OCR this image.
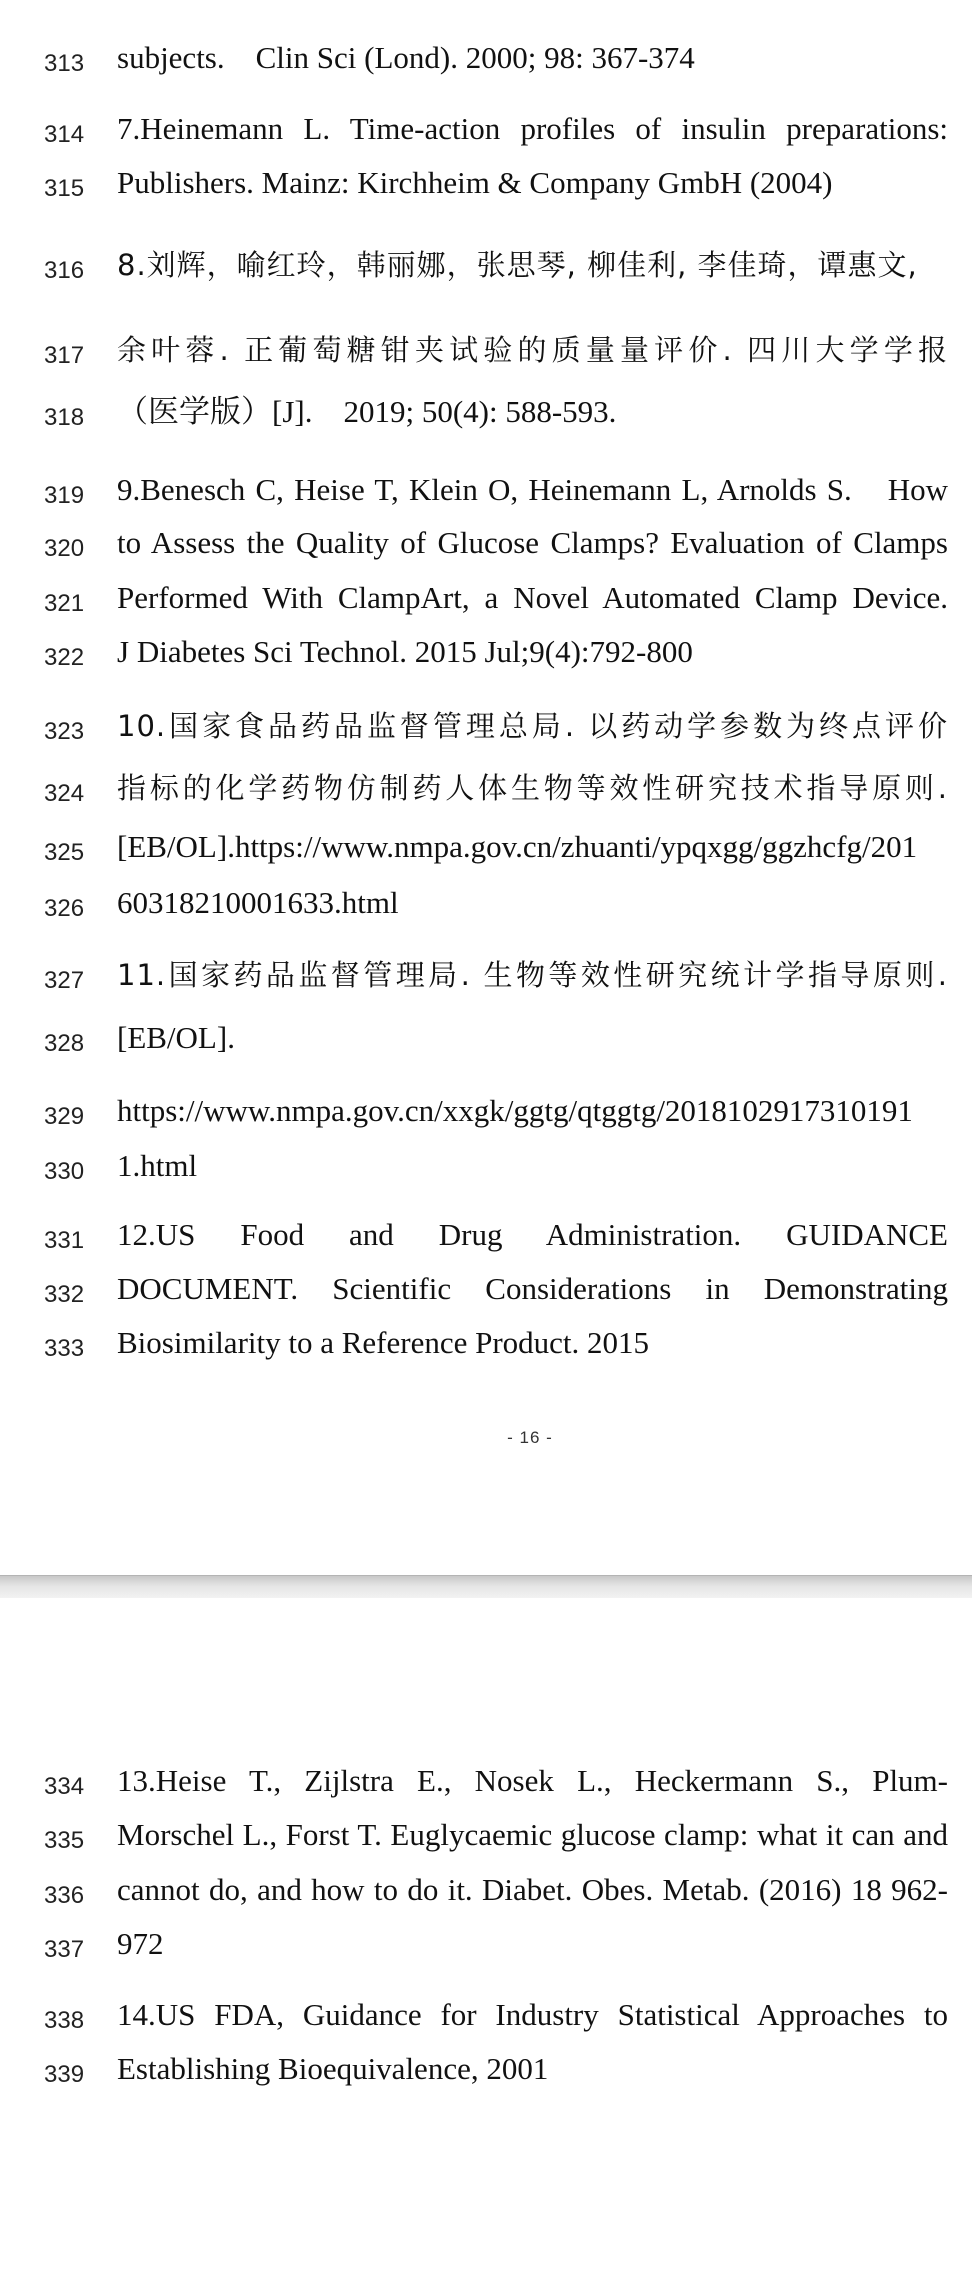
313 subjects.　Clin Sci (Lond). 2000; 98: 367-374
314 7.Heinemann L. Time-action profiles of insulin preparations:
315 Publishers. Mainz: Kirchheim & Company GmbH (2004)
316 8.刘辉，喻红玲，韩丽娜，张思琴, 柳佳利, 李佳琦，谭惠文,
317 余叶蓉. 正葡萄糖钳夹试验的质量量评价. 四川大学学报
318 （医学版）[J].　2019; 50(4): 588-593.
319 9.Benesch C, Heise T, Klein O, Heinemann L, Arnolds S.　How
320 to Assess the Quality of Glucose Clamps? Evaluation of Clamps
321 Performed With ClampArt, a Novel Automated Clamp Device.
322 J Diabetes Sci Technol. 2015 Jul;9(4):792-800
323 10.国家食品药品监督管理总局. 以药动学参数为终点评价
324 指标的化学药物仿制药人体生物等效性研究技术指导原则.
325 [EB/OL].https://www.nmpa.gov.cn/zhuanti/ypqxgg/ggzhcfg/201
326 60318210001633.html
327 11.国家药品监督管理局. 生物等效性研究统计学指导原则.
328 [EB/OL].
329 https://www.nmpa.gov.cn/xxgk/ggtg/qtggtg/201810291731019​1
330 1.html
331 12.US Food and Drug Administration. GUIDANCE
332 DOCUMENT. Scientific Considerations in Demonstrating
333 Biosimilarity to a Reference Product. 2015
- 16 -
334 13.Heise T., Zijlstra E., Nosek L., Heckermann S., Plum-
335 Morschel L., Forst T. Euglycaemic glucose clamp: what it can and
336 cannot do, and how to do it. Diabet. Obes. Metab. (2016) 18 962-
337 972
338 14.US FDA, Guidance for Industry Statistical Approaches to
339 Establishing Bioequivalence, 2001
